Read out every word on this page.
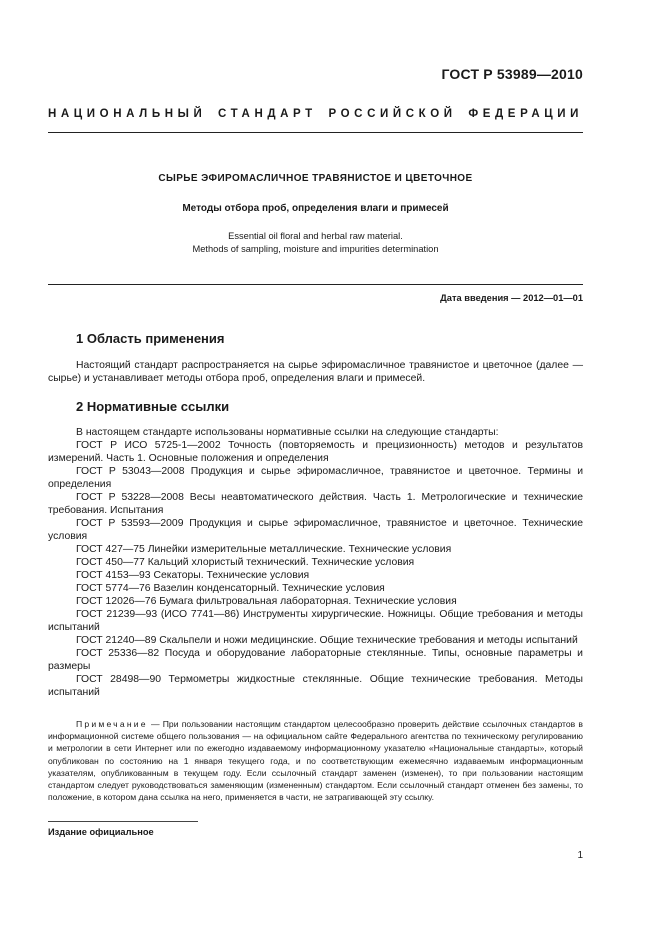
ГОСТ Р 53989—2010
НАЦИОНАЛЬНЫЙ СТАНДАРТ РОССИЙСКОЙ ФЕДЕРАЦИИ
СЫРЬЕ ЭФИРОМАСЛИЧНОЕ ТРАВЯНИСТОЕ И ЦВЕТОЧНОЕ
Методы отбора проб, определения влаги и примесей
Essential oil floral and herbal raw material.
Methods of sampling, moisture and impurities determination
Дата введения — 2012—01—01
1 Область применения

Настоящий стандарт распространяется на сырье эфиромасличное травянистое и цветочное (далее — сырье) и устанавливает методы отбора проб, определения влаги и примесей.

2 Нормативные ссылки

В настоящем стандарте использованы нормативные ссылки на следующие стандарты:

ГОСТ Р ИСО 5725-1—2002 Точность (повторяемость и прецизионность) методов и результатов измерений. Часть 1. Основные положения и определения

ГОСТ Р 53043—2008 Продукция и сырье эфиромасличное, травянистое и цветочное. Термины и определения

ГОСТ Р 53228—2008 Весы неавтоматического действия. Часть 1. Метрологические и технические требования. Испытания

ГОСТ Р 53593—2009 Продукция и сырье эфиромасличное, травянистое и цветочное. Технические условия

ГОСТ 427—75 Линейки измерительные металлические. Технические условия

ГОСТ 450—77 Кальций хлористый технический. Технические условия

ГОСТ 4153—93 Секаторы. Технические условия

ГОСТ 5774—76 Вазелин конденсаторный. Технические условия

ГОСТ 12026—76 Бумага фильтровальная лабораторная. Технические условия

ГОСТ 21239—93 (ИСО 7741—86) Инструменты хирургические. Ножницы. Общие требования и методы испытаний

ГОСТ 21240—89 Скальпели и ножи медицинские. Общие технические требования и методы испытаний

ГОСТ 25336—82 Посуда и оборудование лабораторные стеклянные. Типы, основные параметры и размеры

ГОСТ 28498—90 Термометры жидкостные стеклянные. Общие технические требования. Методы испытаний

Примечание — При пользовании настоящим стандартом целесообразно проверить действие ссылочных стандартов в информационной системе общего пользования — на официальном сайте Федерального агентства по техническому регулированию и метрологии в сети Интернет или по ежегодно издаваемому информационному указателю «Национальные стандарты», который опубликован по состоянию на 1 января текущего года, и по соответствующим ежемесячно издаваемым информационным указателям, опубликованным в текущем году. Если ссылочный стандарт заменен (изменен), то при пользовании настоящим стандартом следует руководствоваться заменяющим (измененным) стандартом. Если ссылочный стандарт отменен без замены, то положение, в котором дана ссылка на него, применяется в части, не затрагивающей эту ссылку.

Издание официальное
1
